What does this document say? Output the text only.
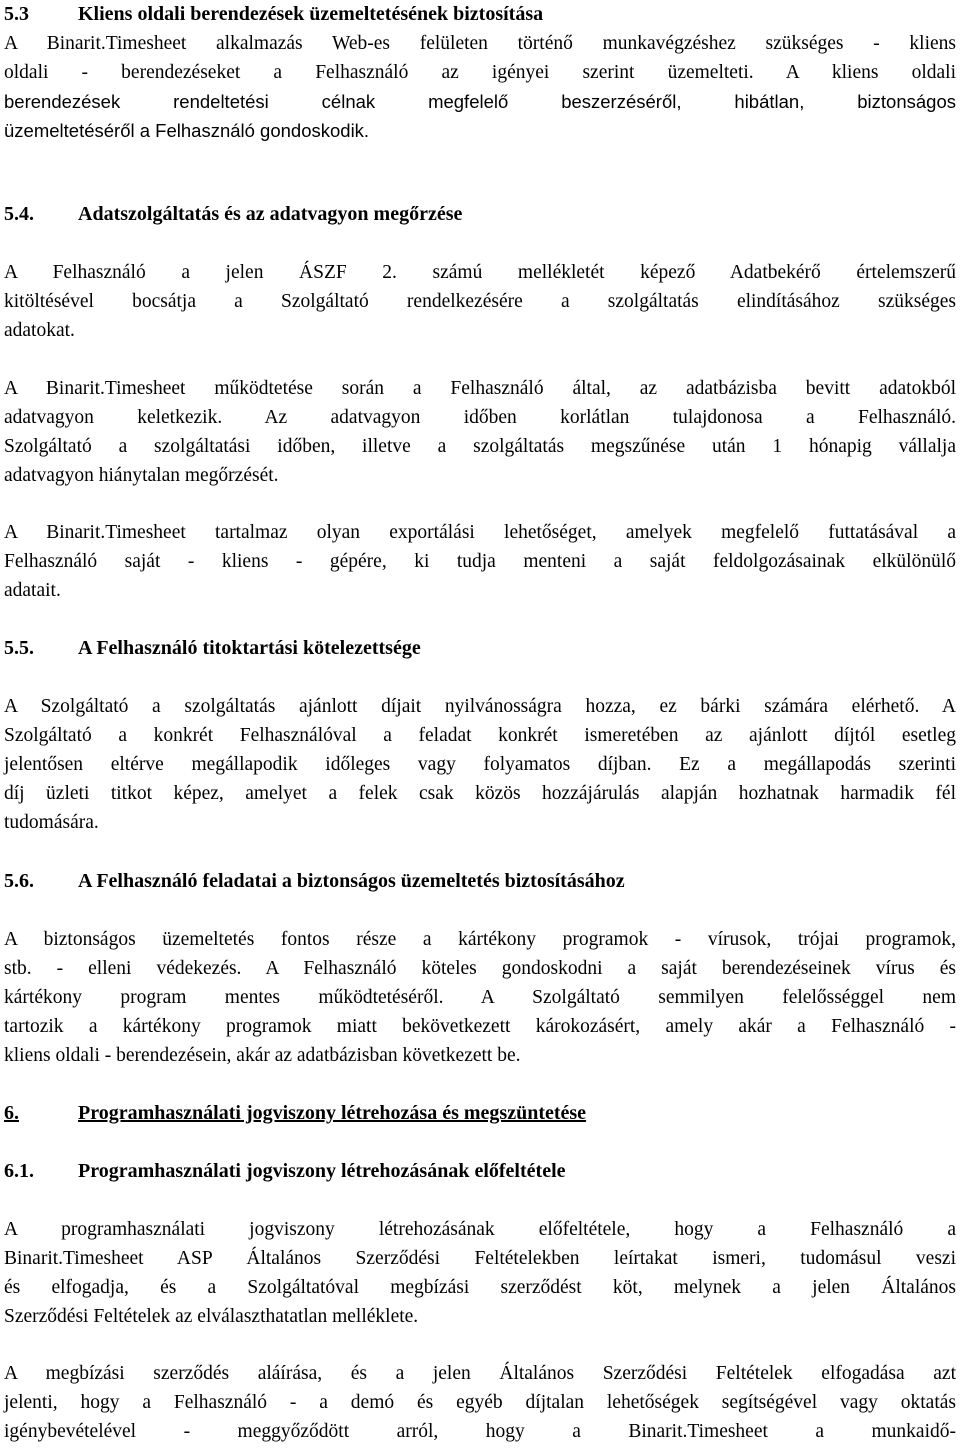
5.3 Kliens oldali berendezések üzemeltetésének biztosítása
A Binarit.Timesheet alkalmazás Web-es felületen történő munkavégzéshez szükséges - kliens
oldali - berendezéseket a Felhasználó az igényei szerint üzemelteti. A kliens oldali
berendezések rendeltetési célnak megfelelő beszerzéséről, hibátlan, biztonságos
üzemeltetéséről a Felhasználó gondoskodik.
5.4. Adatszolgáltatás és az adatvagyon megőrzése
A Felhasználó a jelen ÁSZF 2. számú mellékletét képező Adatbekérő értelemszerű
kitöltésével bocsátja a Szolgáltató rendelkezésére a szolgáltatás elindításához szükséges
adatokat.
A Binarit.Timesheet működtetése során a Felhasználó által, az adatbázisba bevitt adatokból
adatvagyon keletkezik. Az adatvagyon időben korlátlan tulajdonosa a Felhasználó.
Szolgáltató a szolgáltatási időben, illetve a szolgáltatás megszűnése után 1 hónapig vállalja
adatvagyon hiánytalan megőrzését.
A Binarit.Timesheet tartalmaz olyan exportálási lehetőséget, amelyek megfelelő futtatásával a
Felhasználó saját - kliens - gépére, ki tudja menteni a saját feldolgozásainak elkülönülő
adatait.
5.5. A Felhasználó titoktartási kötelezettsége
A Szolgáltató a szolgáltatás ajánlott díjait nyilvánosságra hozza, ez bárki számára elérhető. A
Szolgáltató a konkrét Felhasználóval a feladat konkrét ismeretében az ajánlott díjtól esetleg
jelentősen eltérve megállapodik időleges vagy folyamatos díjban. Ez a megállapodás szerinti
díj üzleti titkot képez, amelyet a felek csak közös hozzájárulás alapján hozhatnak harmadik fél
tudomására.
5.6. A Felhasználó feladatai a biztonságos üzemeltetés biztosításához
A biztonságos üzemeltetés fontos része a kártékony programok - vírusok, trójai programok,
stb. - elleni védekezés. A Felhasználó köteles gondoskodni a saját berendezéseinek vírus és
kártékony program mentes működtetéséről. A Szolgáltató semmilyen felelősséggel nem
tartozik a kártékony programok miatt bekövetkezett károkozásért, amely akár a Felhasználó -
kliens oldali - berendezésein, akár az adatbázisban következett be.
6.	Programhasználati jogviszony létrehozása és megszüntetése
6.1. Programhasználati jogviszony létrehozásának előfeltétele
A programhasználati jogviszony létrehozásának előfeltétele, hogy a Felhasználó a
Binarit.Timesheet ASP Általános Szerződési Feltételekben leírtakat ismeri, tudomásul veszi
és elfogadja, és a Szolgáltatóval megbízási szerződést köt, melynek a jelen Általános
Szerződési Feltételek az elválaszthatatlan melléklete.
A megbízási szerződés aláírása, és a jelen Általános Szerződési Feltételek elfogadása azt
jelenti, hogy a Felhasználó - a demó és egyéb díjtalan lehetőségek segítségével vagy oktatás
igénybevételével - meggyőződött arról, hogy a Binarit.Timesheet a munkaidő-
